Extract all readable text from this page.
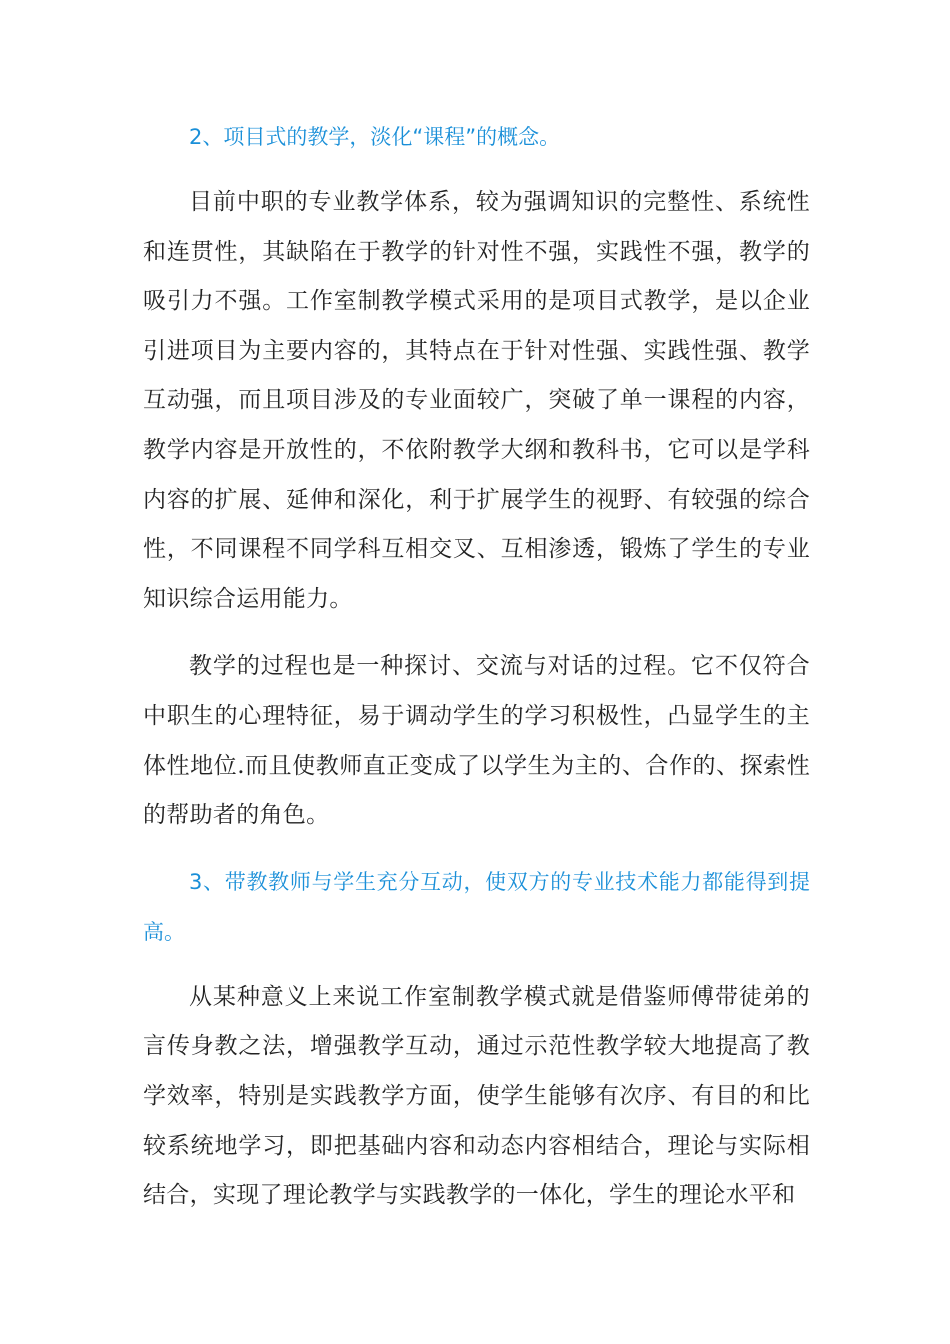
2、项目式的教学，淡化“课程”的概念。

目前中职的专业教学体系，较为强调知识的完整性、系统性和连贯性，其缺陷在于教学的针对性不强，实践性不强，教学的吸引力不强。工作室制教学模式采用的是项目式教学，是以企业引进项目为主要内容的，其特点在于针对性强、实践性强、教学互动强，而且项目涉及的专业面较广，突破了单一课程的内容，教学内容是开放性的，不依附教学大纲和教科书，它可以是学科内容的扩展、延伸和深化，利于扩展学生的视野、有较强的综合性，不同课程不同学科互相交叉、互相渗透，锻炼了学生的专业知识综合运用能力。

教学的过程也是一种探讨、交流与对话的过程。它不仅符合中职生的心理特征，易于调动学生的学习积极性，凸显学生的主体性地位.而且使教师直正变成了以学生为主的、合作的、探索性的帮助者的角色。

3、带教教师与学生充分互动，使双方的专业技术能力都能得到提高。

从某种意义上来说工作室制教学模式就是借鉴师傅带徒弟的言传身教之法，增强教学互动，通过示范性教学较大地提高了教学效率，特别是实践教学方面，使学生能够有次序、有目的和比较系统地学习，即把基础内容和动态内容相结合，理论与实际相结合，实现了理论教学与实践教学的一体化，学生的理论水平和
